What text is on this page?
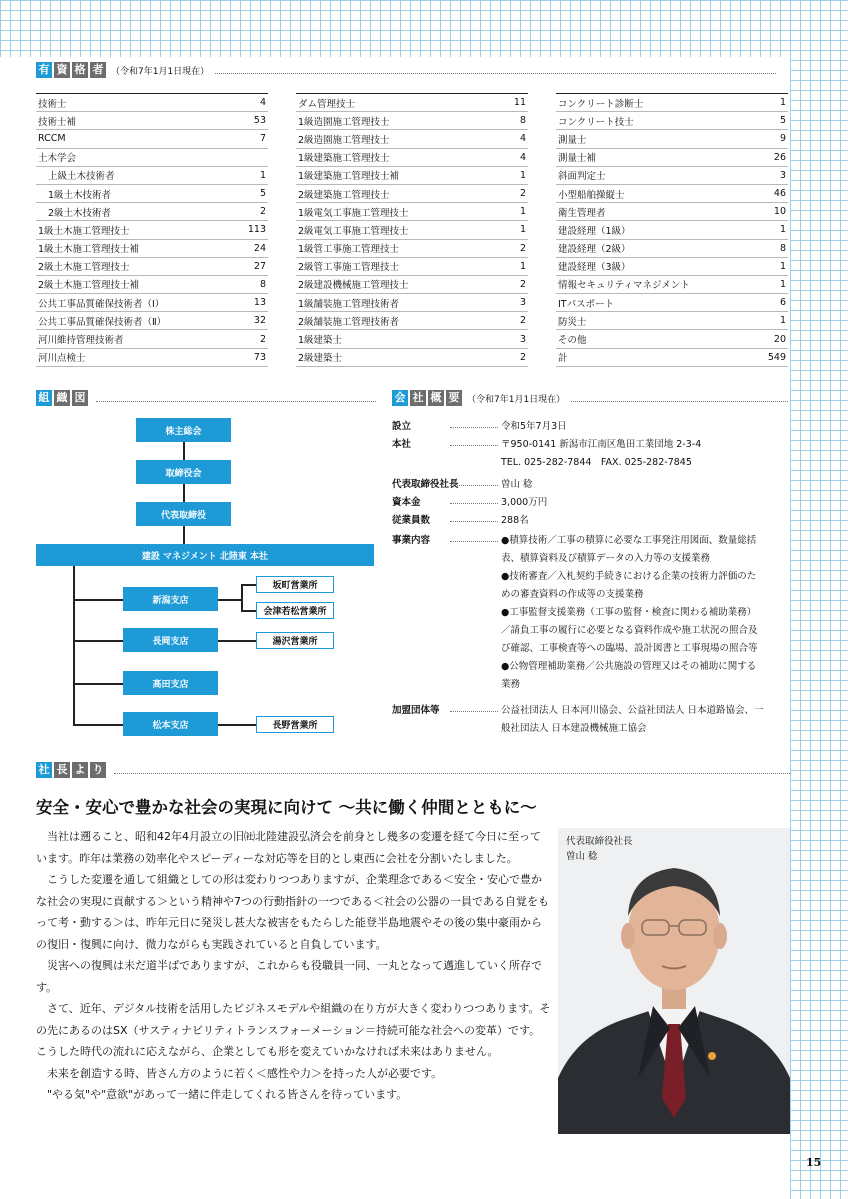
有 資 格 者 （令和7年1月1日現在）
技術士	4
技術士補	53
RCCM	7
土木学会
上級土木技術者	1
1級土木技術者	5
2級土木技術者	2
1級土木施工管理技士	113
1級土木施工管理技士補	24
2級土木施工管理技士	27
2級土木施工管理技士補	8
公共工事品質確保技術者（Ⅰ）	13
公共工事品質確保技術者（Ⅱ）	32
河川維持管理技術者	2
河川点検士	73
ダム管理技士	11
1級造園施工管理技士	8
2級造園施工管理技士	4
1級建築施工管理技士	4
1級建築施工管理技士補	1
2級建築施工管理技士	2
1級電気工事施工管理技士	1
2級電気工事施工管理技士	1
1級管工事施工管理技士	2
2級管工事施工管理技士	1
2級建設機械施工管理技士	2
1級舗装施工管理技術者	3
2級舗装施工管理技術者	2
1級建築士	3
2級建築士	2
コンクリート診断士	1
コンクリート技士	5
測量士	9
測量士補	26
斜面判定士	3
小型船舶操縦士	46
衛生管理者	10
建設経理（1級）	1
建設経理（2級）	8
建設経理（3級）	1
情報セキュリティマネジメント	1
ITパスポート	6
防災士	1
その他	20
計	549
組 織 図
株主総会
取締役会
代表取締役
建設 マネジメント 北陸東 本社
新潟支店
長岡支店
高田支店
松本支店
坂町営業所
会津若松営業所
湯沢営業所
長野営業所
会 社 概 要 （令和7年1月1日現在）
設立	令和5年7月3日
本社	〒950-0141 新潟市江南区亀田工業団地 2-3-4
TEL. 025-282-7844　FAX. 025-282-7845
代表取締役社長	曽山 稔
資本金	3,000万円
従業員数	288名
事業内容	●積算技術／工事の積算に必要な工事発注用図面、数量総括
表、積算資料及び積算データの入力等の支援業務
●技術審査／入札契約手続きにおける企業の技術力評価のた
めの審査資料の作成等の支援業務
●工事監督支援業務（工事の監督・検査に関わる補助業務）
／請負工事の履行に必要となる資料作成や施工状況の照合及
び確認、工事検査等への臨場、設計図書と工事現場の照合等
●公物管理補助業務／公共施設の管理又はその補助に関する
業務
加盟団体等	公益社団法人 日本河川協会、公益社団法人 日本道路協会、一
般社団法人 日本建設機械施工協会
社 長 よ り
安全・安心で豊かな社会の実現に向けて ～共に働く仲間とともに～

当社は遡ること、昭和42年4月設立の旧㈳北陸建設弘済会を前身とし幾多の変遷を経て今日に至っています。昨年は業務の効率化やスピーディーな対応等を目的とし東西に会社を分割いたしました。

こうした変遷を通して組織としての形は変わりつつありますが、企業理念である＜安全・安心で豊かな社会の実現に貢献する＞という精神や7つの行動指針の一つである＜社会の公器の一員である自覚をもって考・動する＞は、昨年元日に発災し甚大な被害をもたらした能登半島地震やその後の集中豪雨からの復旧・復興に向け、微力ながらも実践されていると自負しています。

災害への復興は未だ道半ばでありますが、これからも役職員一同、一丸となって邁進していく所存です。

さて、近年、デジタル技術を活用したビジネスモデルや組織の在り方が大きく変わりつつあります。その先にあるのはSX（サスティナビリティトランスフォーメーション＝持続可能な社会への変革）です。こうした時代の流れに応えながら、企業としても形を変えていかなければ未来はありません。

未来を創造する時、皆さん方のように若く＜感性や力＞を持った人が必要です。

"やる気"や"意欲"があって一緒に伴走してくれる皆さんを待っています。

代表取締役社長
曽山 稔
15
